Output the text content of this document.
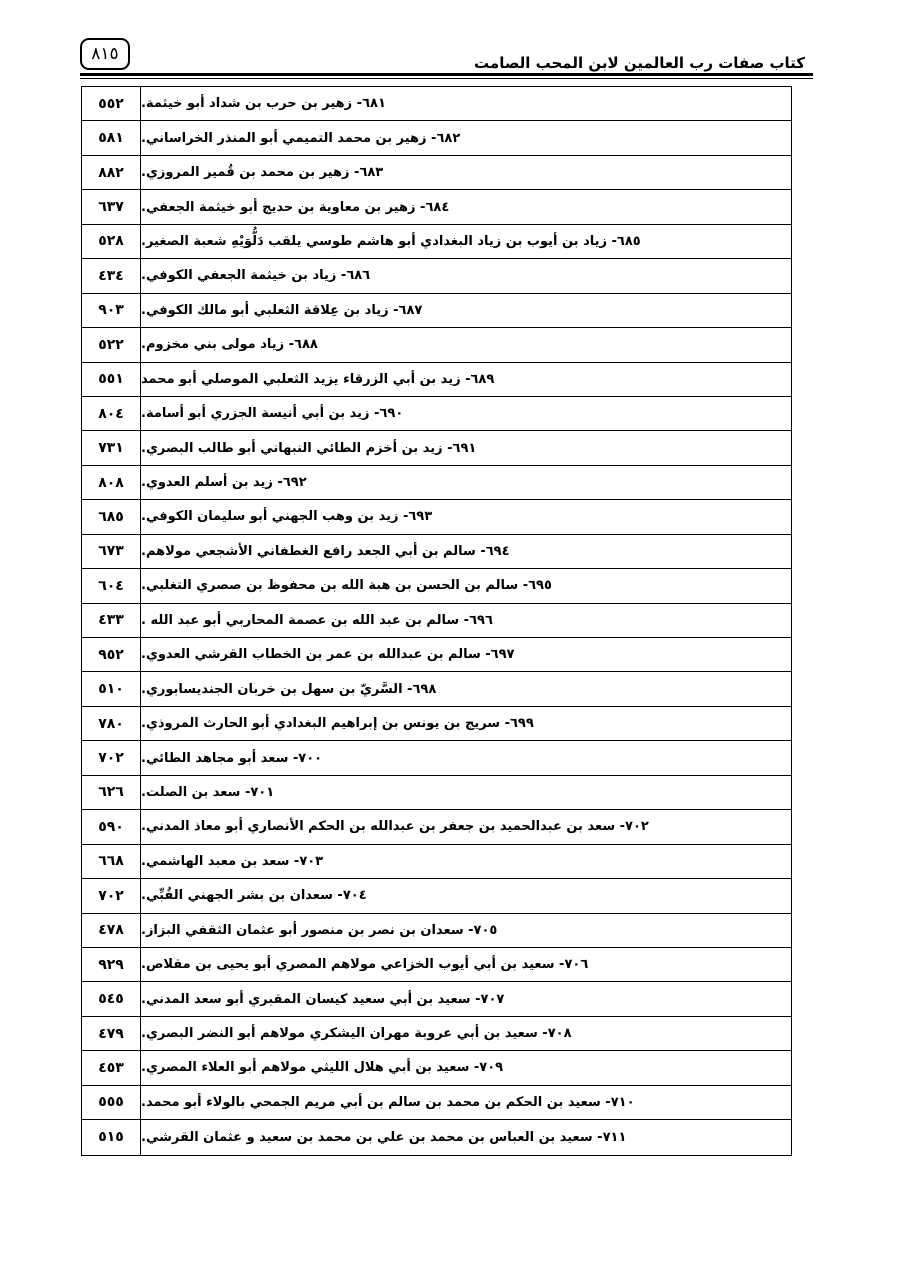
٨١٥	كتاب صفات رب العالمين لابن المحب الصامت
٥٥٢	٦٨١- زهير بن حرب بن شداد أبو خيثمة.
٥٨١	٦٨٢- زهير بن محمد التميمي أبو المنذر الخراساني.
٨٨٢	٦٨٣- زهير بن محمد بن قُمير المروزي.
٦٣٧	٦٨٤- زهير بن معاوية بن حديج أبو خيثمة الجعفي.
٥٢٨	٦٨٥- زياد بن أيوب بن زياد البغدادي أبو هاشم طوسي يلقب دَلُّوَيْهِ شعبة الصغير.
٤٣٤	٦٨٦- زياد بن خيثمة الجعفي الكوفي.
٩٠٣	٦٨٧- زياد بن عِلاقة الثعلبي أبو مالك الكوفي.
٥٢٢	٦٨٨- زياد مولى بني مخزوم.
٥٥١	٦٨٩- زيد بن أبي الزرقاء يزيد الثعلبي الموصلي أبو محمد
٨٠٤	٦٩٠- زيد بن أبي أنيسة الجزري أبو أسامة.
٧٣١	٦٩١- زيد بن أخزم الطائي النبهاني أبو طالب البصري.
٨٠٨	٦٩٢- زيد بن أسلم العدوي.
٦٨٥	٦٩٣- زيد بن وهب الجهني أبو سليمان الكوفي.
٦٧٣	٦٩٤- سالم بن أبي الجعد رافع الغطفاني الأشجعي مولاهم.
٦٠٤	٦٩٥- سالم بن الحسن بن هبة الله بن محفوظ بن صصري التغلبي.
٤٣٣	٦٩٦- سالم بن عبد الله بن عصمة المحاربي أبو عبد الله .
٩٥٢	٦٩٧- سالم بن عبدالله بن عمر بن الخطاب القرشي العدوي.
٥١٠	٦٩٨- السَّريّ بن سهل بن خربان الجنديسابوري.
٧٨٠	٦٩٩- سريج بن يونس بن إبراهيم البغدادي أبو الحارث المروذي.
٧٠٢	٧٠٠- سعد أبو مجاهد الطائي.
٦٢٦	٧٠١- سعد بن الصلت.
٥٩٠	٧٠٢- سعد بن عبدالحميد بن جعفر بن عبدالله بن الحكم الأنصاري أبو معاذ المدني.
٦٦٨	٧٠٣- سعد بن معبد الهاشمي.
٧٠٢	٧٠٤- سعدان بن بشر الجهني القُبِّي.
٤٧٨	٧٠٥- سعدان بن نصر بن منصور أبو عثمان الثقفي البزاز.
٩٢٩	٧٠٦- سعيد بن أبي أيوب الخزاعي مولاهم المصري أبو يحيى بن مقلاص.
٥٤٥	٧٠٧- سعيد بن أبي سعيد كيسان المقبري أبو سعد المدني.
٤٧٩	٧٠٨- سعيد بن أبي عروبة مهران اليشكري مولاهم أبو النضر البصري.
٤٥٣	٧٠٩- سعيد بن أبي هلال الليثي مولاهم أبو العلاء المصري.
٥٥٥	٧١٠- سعيد بن الحكم بن محمد بن سالم بن أبي مريم الجمحي بالولاء أبو محمد.
٥١٥	٧١١- سعيد بن العباس بن محمد بن علي بن محمد بن سعيد و عثمان القرشي.
